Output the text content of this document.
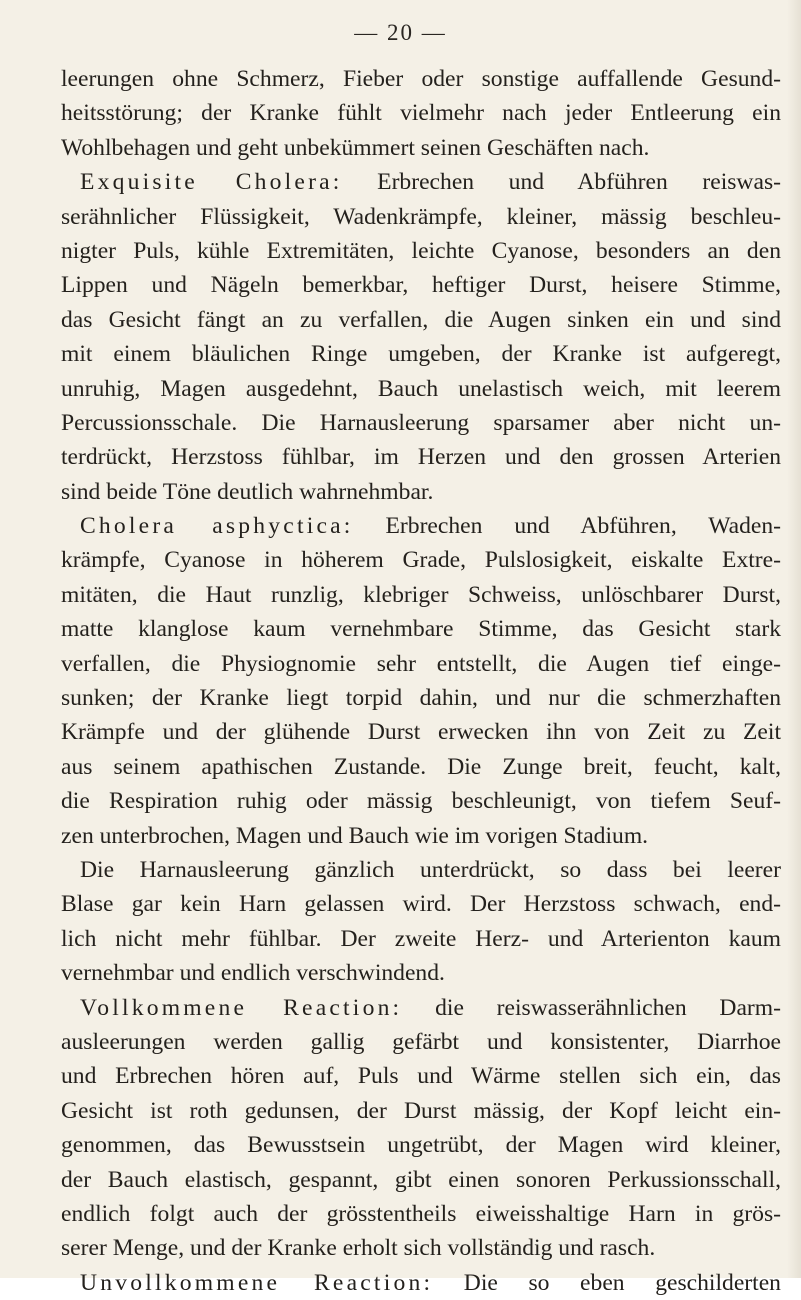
— 20 —
leerungen ohne Schmerz, Fieber oder sonstige auffallende Gesund-
heitsstörung; der Kranke fühlt vielmehr nach jeder Entleerung ein
Wohlbehagen und geht unbekümmert seinen Geschäften nach.
Exquisite Cholera: Erbrechen und Abführen reiswas-
serähnlicher Flüssigkeit, Wadenkrämpfe, kleiner, mässig beschleu-
nigter Puls, kühle Extremitäten, leichte Cyanose, besonders an den
Lippen und Nägeln bemerkbar, heftiger Durst, heisere Stimme,
das Gesicht fängt an zu verfallen, die Augen sinken ein und sind
mit einem bläulichen Ringe umgeben, der Kranke ist aufgeregt,
unruhig, Magen ausgedehnt, Bauch unelastisch weich, mit leerem
Percussionsschale. Die Harnausleerung sparsamer aber nicht un-
terdrückt, Herzstoss fühlbar, im Herzen und den grossen Arterien
sind beide Töne deutlich wahrnehmbar.
Cholera asphyctica: Erbrechen und Abführen, Waden-
krämpfe, Cyanose in höherem Grade, Pulslosigkeit, eiskalte Extre-
mitäten, die Haut runzlig, klebriger Schweiss, unlöschbarer Durst,
matte klanglose kaum vernehmbare Stimme, das Gesicht stark
verfallen, die Physiognomie sehr entstellt, die Augen tief einge-
sunken; der Kranke liegt torpid dahin, und nur die schmerzhaften
Krämpfe und der glühende Durst erwecken ihn von Zeit zu Zeit
aus seinem apathischen Zustande. Die Zunge breit, feucht, kalt,
die Respiration ruhig oder mässig beschleunigt, von tiefem Seuf-
zen unterbrochen, Magen und Bauch wie im vorigen Stadium.
Die Harnausleerung gänzlich unterdrückt, so dass bei leerer
Blase gar kein Harn gelassen wird. Der Herzstoss schwach, end-
lich nicht mehr fühlbar. Der zweite Herz- und Arterienton kaum
vernehmbar und endlich verschwindend.
Vollkommene Reaction: die reiswasserähnlichen Darm-
ausleerungen werden gallig gefärbt und konsistenter, Diarrhoe
und Erbrechen hören auf, Puls und Wärme stellen sich ein, das
Gesicht ist roth gedunsen, der Durst mässig, der Kopf leicht ein-
genommen, das Bewusstsein ungetrübt, der Magen wird kleiner,
der Bauch elastisch, gespannt, gibt einen sonoren Perkussionsschall,
endlich folgt auch der grösstentheils eiweisshaltige Harn in grös-
serer Menge, und der Kranke erholt sich vollständig und rasch.
Unvollkommene Reaction: Die so eben geschilderten
